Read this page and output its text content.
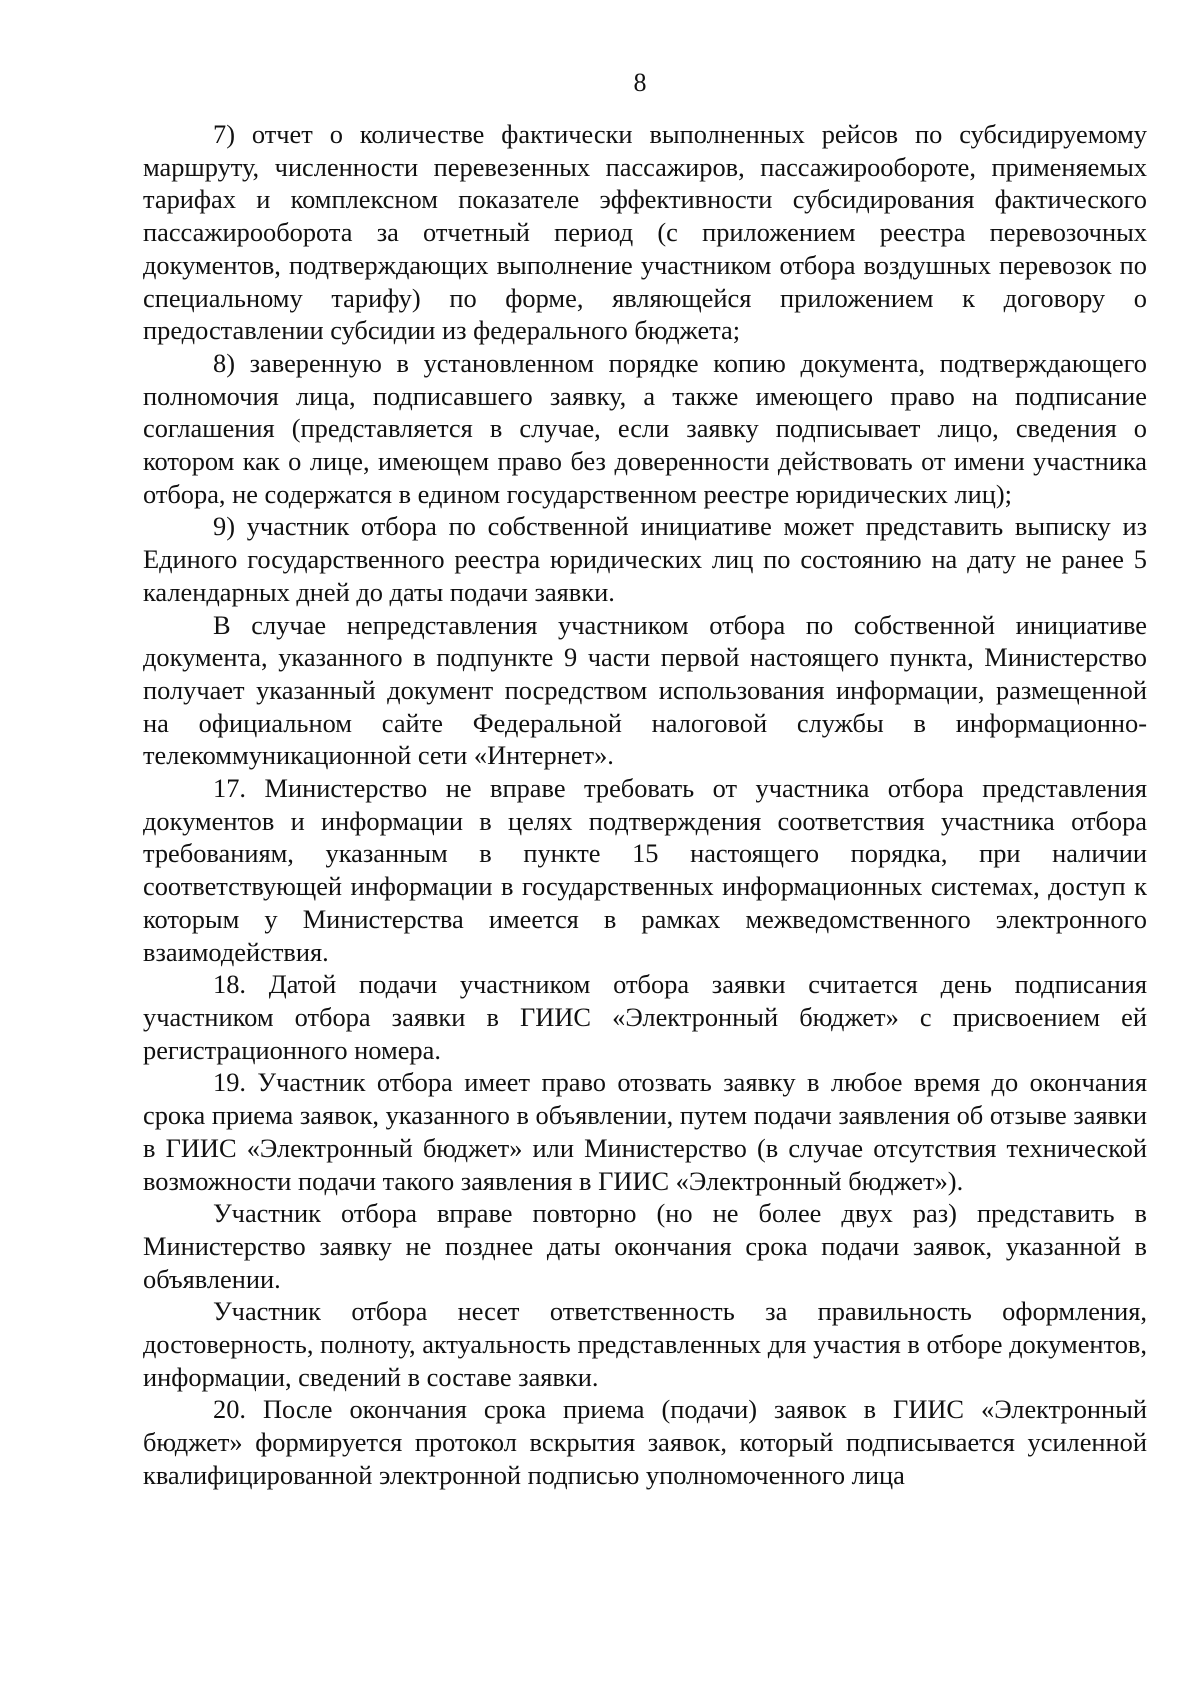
8

7) отчет о количестве фактически выполненных рейсов по субсидируемому маршруту, численности перевезенных пассажиров, пассажирообороте, применяемых тарифах и комплексном показателе эффективности субсидирования фактического пассажирооборота за отчетный период (с приложением реестра перевозочных документов, подтверждающих выполнение участником отбора воздушных перевозок по специальному тарифу) по форме, являющейся приложением к договору о предоставлении субсидии из федерального бюджета;

8) заверенную в установленном порядке копию документа, подтверждающего полномочия лица, подписавшего заявку, а также имеющего право на подписание соглашения (представляется в случае, если заявку подписывает лицо, сведения о котором как о лице, имеющем право без доверенности действовать от имени участника отбора, не содержатся в едином государственном реестре юридических лиц);

9) участник отбора по собственной инициативе может представить выписку из Единого государственного реестра юридических лиц по состоянию на дату не ранее 5 календарных дней до даты подачи заявки.

В случае непредставления участником отбора по собственной инициативе документа, указанного в подпункте 9 части первой настоящего пункта, Министерство получает указанный документ посредством использования информации, размещенной на официальном сайте Федеральной налоговой службы в информационно-телекоммуникационной сети «Интернет».

17. Министерство не вправе требовать от участника отбора представления документов и информации в целях подтверждения соответствия участника отбора требованиям, указанным в пункте 15 настоящего порядка, при наличии соответствующей информации в государственных информационных системах, доступ к которым у Министерства имеется в рамках межведомственного электронного взаимодействия.

18. Датой подачи участником отбора заявки считается день подписания участником отбора заявки в ГИИС «Электронный бюджет» с присвоением ей регистрационного номера.

19. Участник отбора имеет право отозвать заявку в любое время до окончания срока приема заявок, указанного в объявлении, путем подачи заявления об отзыве заявки в ГИИС «Электронный бюджет» или Министерство (в случае отсутствия технической возможности подачи такого заявления в ГИИС «Электронный бюджет»).

Участник отбора вправе повторно (но не более двух раз) представить в Министерство заявку не позднее даты окончания срока подачи заявок, указанной в объявлении.

Участник отбора несет ответственность за правильность оформления, достоверность, полноту, актуальность представленных для участия в отборе документов, информации, сведений в составе заявки.

20. После окончания срока приема (подачи) заявок в ГИИС «Электронный бюджет» формируется протокол вскрытия заявок, который подписывается усиленной квалифицированной электронной подписью уполномоченного лица
